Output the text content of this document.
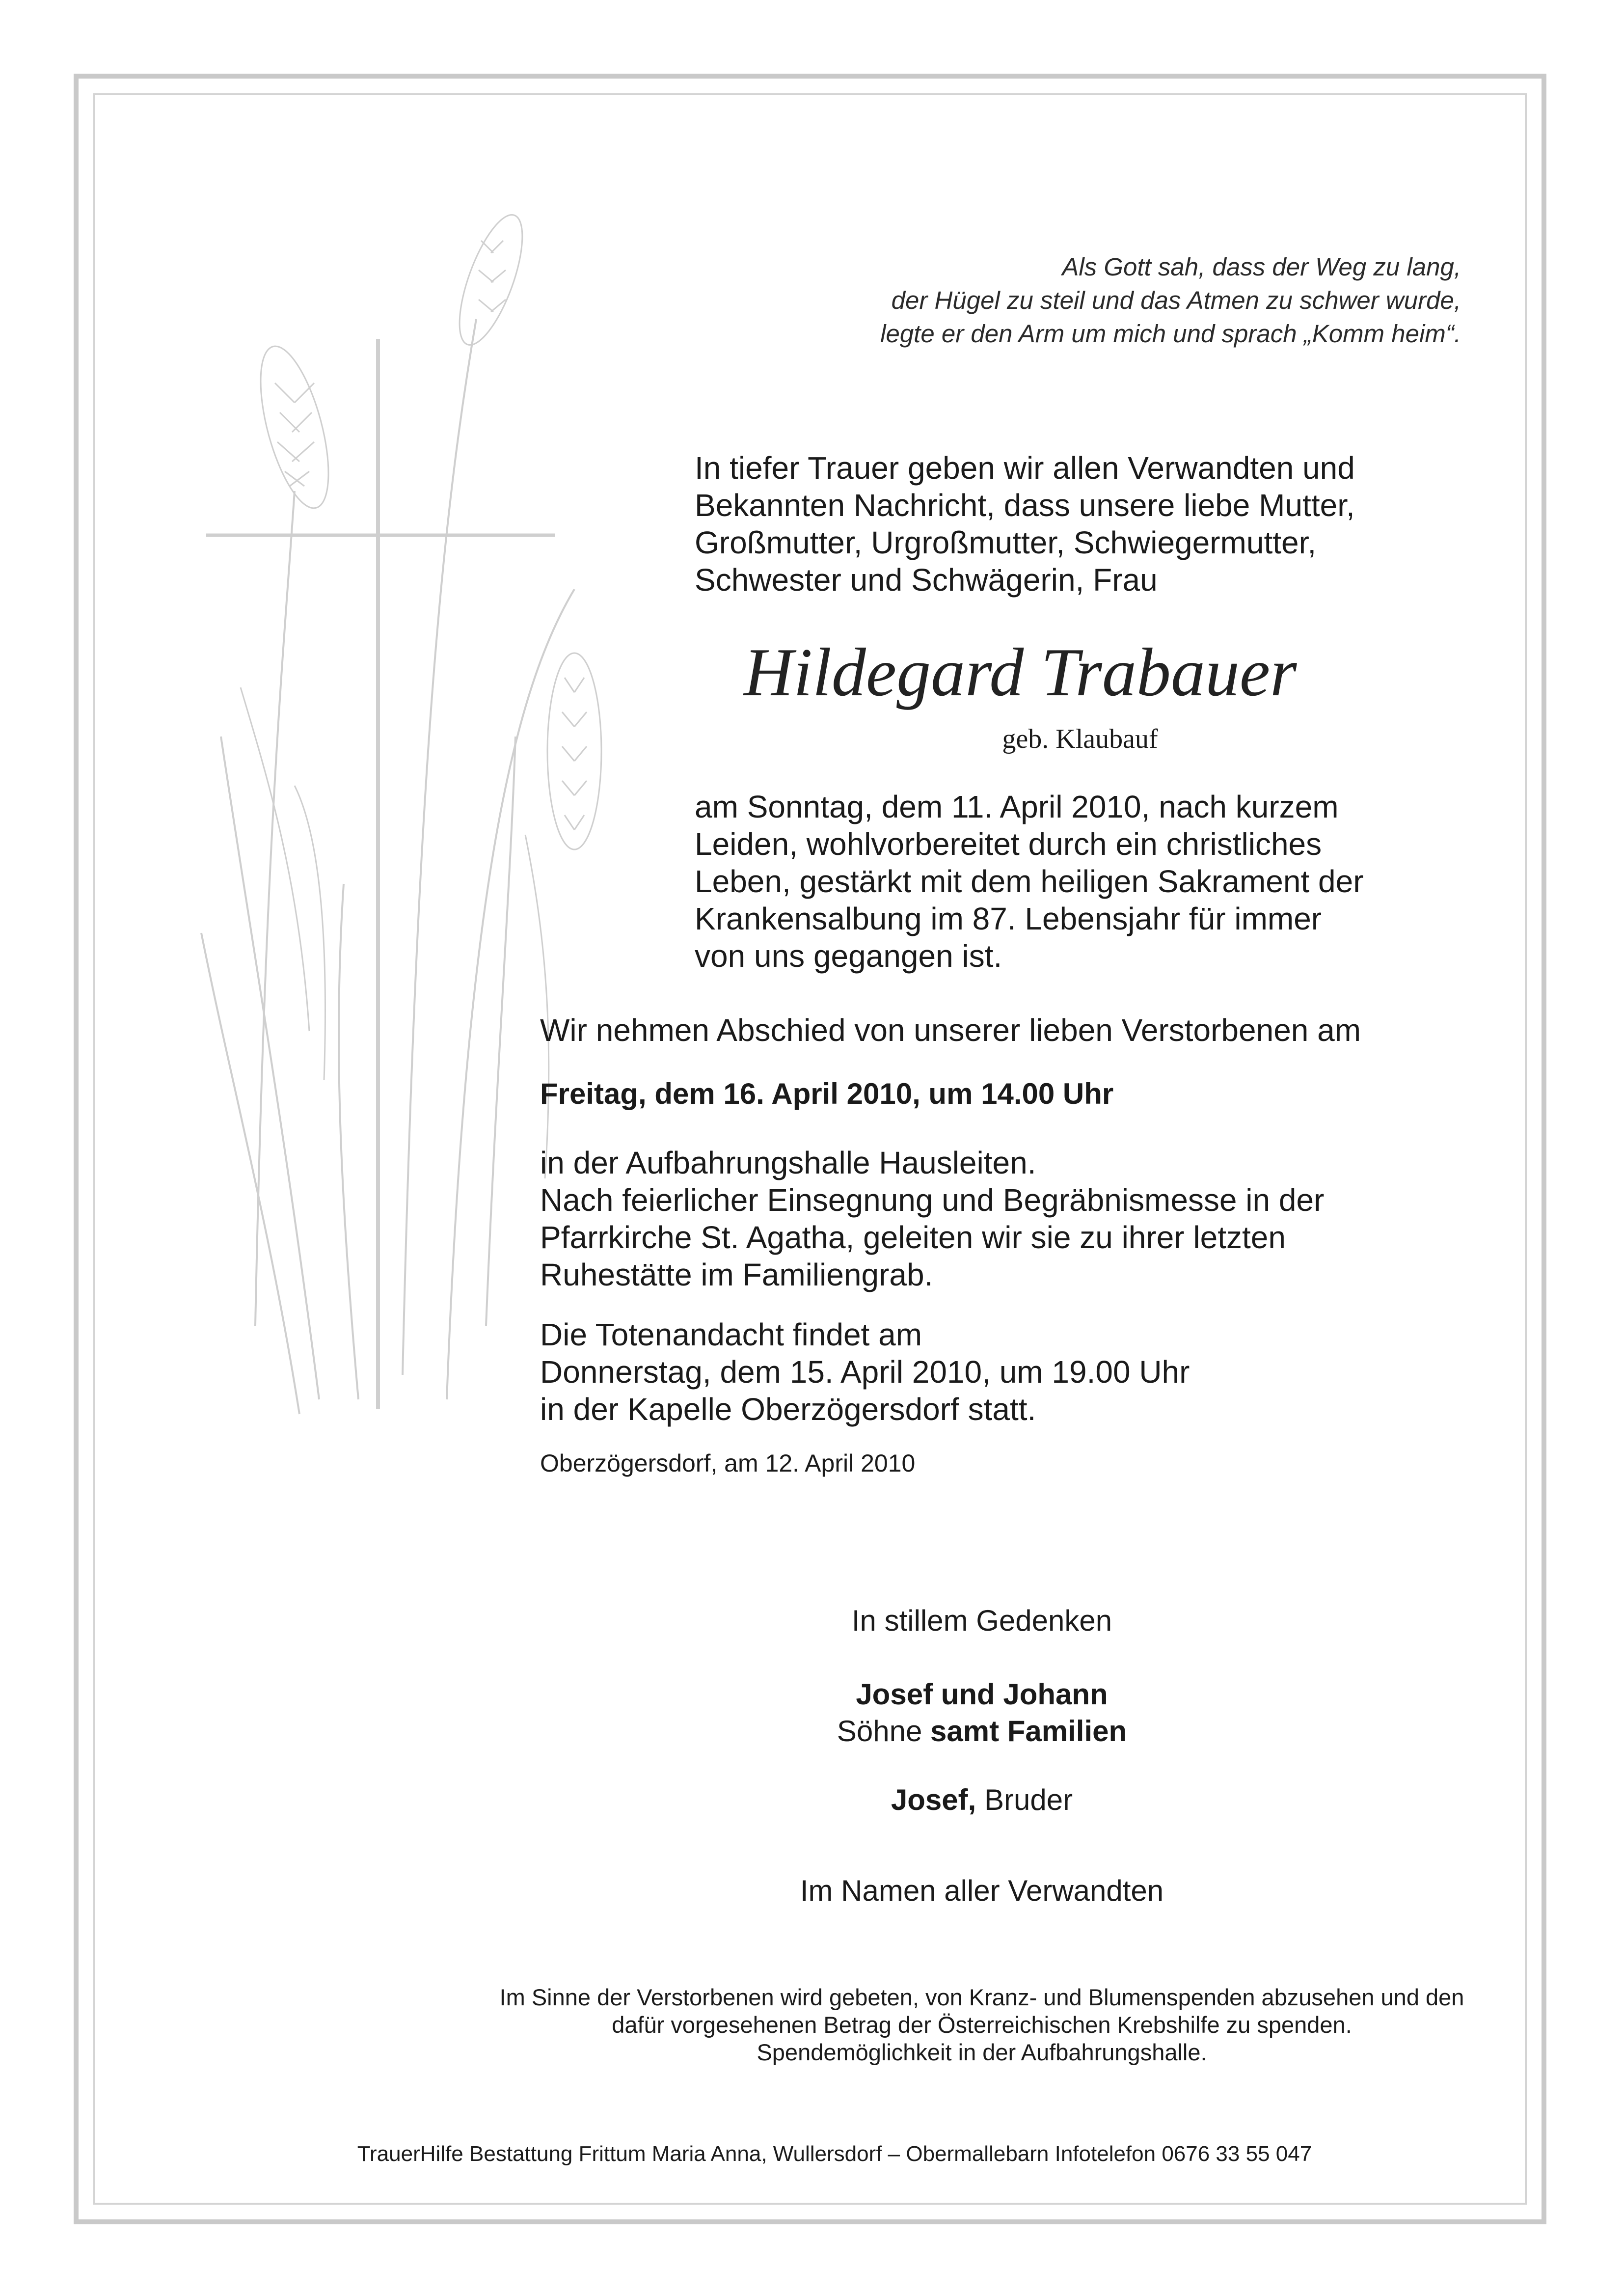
Als Gott sah, dass der Weg zu lang,
der Hügel zu steil und das Atmen zu schwer wurde,
legte er den Arm um mich und sprach „Komm heim“.
In tiefer Trauer geben wir allen Verwandten und
Bekannten Nachricht, dass unsere liebe Mutter,
Großmutter, Urgroßmutter, Schwiegermutter,
Schwester und Schwägerin, Frau
Hildegard Trabauer
geb. Klaubauf
am Sonntag, dem 11. April 2010, nach kurzem
Leiden, wohlvorbereitet durch ein christliches
Leben, gestärkt mit dem heiligen Sakrament der
Krankensalbung im 87. Lebensjahr für immer
von uns gegangen ist.
Wir nehmen Abschied von unserer lieben Verstorbenen am
Freitag, dem 16. April 2010, um 14.00 Uhr
in der Aufbahrungshalle Hausleiten.
Nach feierlicher Einsegnung und Begräbnismesse in der
Pfarrkirche St. Agatha, geleiten wir sie zu ihrer letzten
Ruhestätte im Familiengrab.
Die Totenandacht findet am
Donnerstag, dem 15. April 2010, um 19.00 Uhr
in der Kapelle Oberzögersdorf statt.
Oberzögersdorf, am 12. April 2010
In stillem Gedenken
Josef und Johann
Söhne samt Familien
Josef, Bruder
Im Namen aller Verwandten
Im Sinne der Verstorbenen wird gebeten, von Kranz- und Blumenspenden abzusehen und den
dafür vorgesehenen Betrag der Österreichischen Krebshilfe zu spenden.
Spendemöglichkeit in der Aufbahrungshalle.
TrauerHilfe Bestattung Frittum Maria Anna, Wullersdorf – Obermallebarn Infotelefon 0676 33 55 047
